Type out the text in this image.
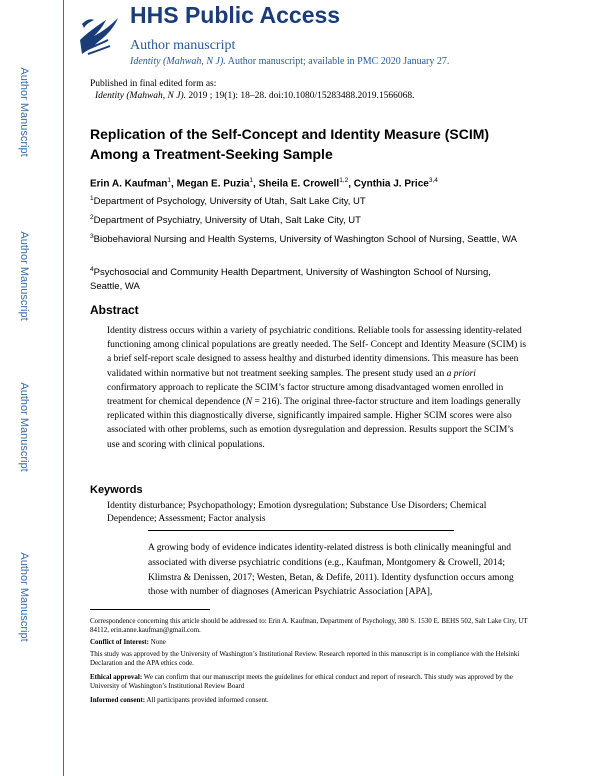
Author Manuscript
Author Manuscript
Author Manuscript
Author Manuscript
HHS Public Access
Author manuscript
Identity (Mahwah, N J). Author manuscript; available in PMC 2020 January 27.
Published in final edited form as:
Identity (Mahwah, N J). 2019 ; 19(1): 18–28. doi:10.1080/15283488.2019.1566068.
Replication of the Self-Concept and Identity Measure (SCIM) Among a Treatment-Seeking Sample
Erin A. Kaufman$^1$, Megan E. Puzia$^1$, Sheila E. Crowell$^{1,2}$, Cynthia J. Price$^{3,4}$
$^1$Department of Psychology, University of Utah, Salt Lake City, UT
$^2$Department of Psychiatry, University of Utah, Salt Lake City, UT
$^3$Biobehavioral Nursing and Health Systems, University of Washington School of Nursing, Seattle, WA
$^4$Psychosocial and Community Health Department, University of Washington School of Nursing, Seattle, WA
Abstract
Identity distress occurs within a variety of psychiatric conditions. Reliable tools for assessing identity-related functioning among clinical populations are greatly needed. The Self- Concept and Identity Measure (SCIM) is a brief self-report scale designed to assess healthy and disturbed identity dimensions. This measure has been validated within normative but not treatment seeking samples. The present study used an a priori confirmatory approach to replicate the SCIM’s factor structure among disadvantaged women enrolled in treatment for chemical dependence (N = 216). The original three-factor structure and item loadings generally replicated within this diagnostically diverse, significantly impaired sample. Higher SCIM scores were also associated with other problems, such as emotion dysregulation and depression. Results support the SCIM’s use and scoring with clinical populations.
Keywords
Identity disturbance; Psychopathology; Emotion dysregulation; Substance Use Disorders; Chemical Dependence; Assessment; Factor analysis
A growing body of evidence indicates identity-related distress is both clinically meaningful and associated with diverse psychiatric conditions (e.g., Kaufman, Montgomery & Crowell, 2014; Klimstra & Denissen, 2017; Westen, Betan, & Defife, 2011). Identity dysfunction occurs among those with number of diagnoses (American Psychiatric Association [APA],
Correspondence concerning this article should be addressed to: Erin A. Kaufman, Department of Psychology, 380 S. 1530 E. BEHS 502, Salt Lake City, UT 84112, erin.anne.kaufman@gmail.com.
Conflict of Interest: None
This study was approved by the University of Washington’s Institutional Review. Research reported in this manuscript is in compliance with the Helsinki Declaration and the APA ethics code.
Ethical approval: We can confirm that our manuscript meets the guidelines for ethical conduct and report of research. This study was approved by the University of Washington’s Institutional Review Board
Informed consent: All participants provided informed consent.
